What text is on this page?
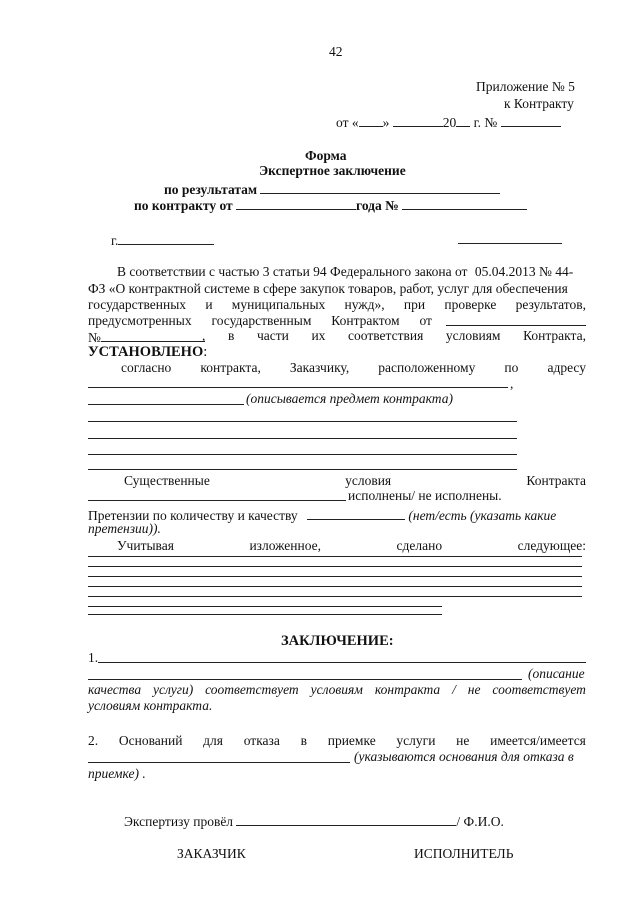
42
Приложение № 5
к Контракту
от « »	20 г. №
Форма
Экспертное заключение
по результатам
по контракту от	года №
г.
В соответствии с частью 3 статьи 94 Федерального закона от 05.04.2013 № 44-
ФЗ «О контрактной системе в сфере закупок товаров, работ, услуг для обеспечения
государственных и муниципальных нужд», при проверке результатов,
предусмотренных государственным Контрактом от
№	, в части их соответствия условиям Контракта,
УСТАНОВЛЕНО:
согласно контракта, Заказчику, расположенному по адресу
,
(описывается предмет контракта)
Существенные	условия	Контракта
исполнены/ не исполнены.
Претензии по количеству и качеству	(нет/есть (указать какие
претензии)).
Учитывая	изложенное,	сделано	следующее:
ЗАКЛЮЧЕНИЕ:
1.
(описание
качества услуги) соответствует условиям контракта / не соответствует
условиям контракта.
2. Оснований для отказа в приемке услуги не имеется/имеется
(указываются основания для отказа в
приемке) .
Экспертизу провёл	/ Ф.И.О.
ЗАКАЗЧИК	ИСПОЛНИТЕЛЬ
